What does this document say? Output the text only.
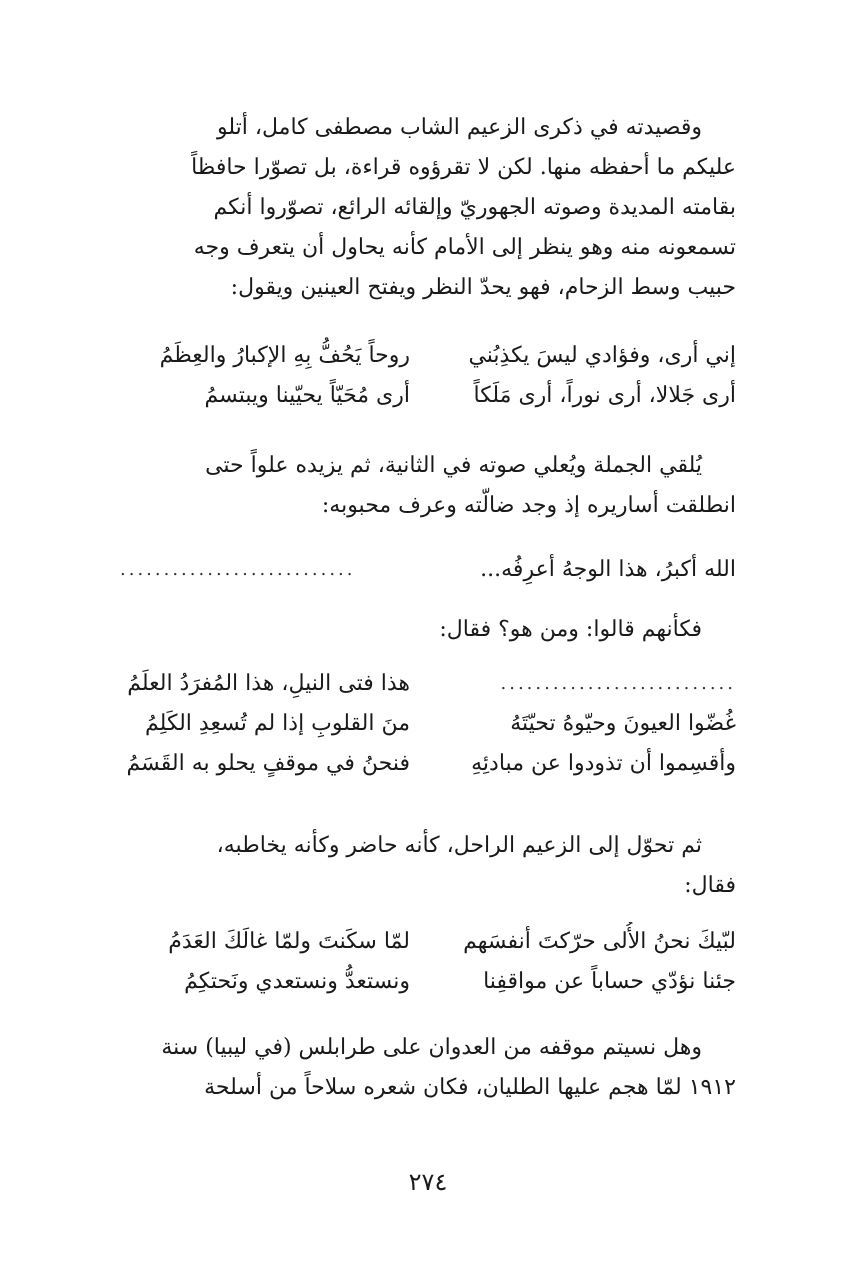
وقصيدته في ذكرى الزعيم الشاب مصطفى كامل، أتلو
عليكم ما أحفظه منها. لكن لا تقرؤوه قراءة، بل تصوّرا حافظاً
بقامته المديدة وصوته الجهوريّ وإلقائه الرائع، تصوّروا أنكم
تسمعونه منه وهو ينظر إلى الأمام كأنه يحاول أن يتعرف وجه
حبيب وسط الزحام، فهو يحدّ النظر ويفتح العينين ويقول:

إني أرى، وفؤادي ليسَ يكذِبُني
روحاً يَحُفُّ بِهِ الإكبارُ والعِظَمُ
أرى جَلالا، أرى نوراً، أرى مَلَكاً
أرى مُحَيّاً يحيّينا ويبتسمُ

يُلقي الجملة ويُعلي صوته في الثانية، ثم يزيده علواً حتى
انطلقت أساريره إذ وجد ضالّته وعرف محبوبه:

الله أكبرُ، هذا الوجهُ أعرِفُه...
...........................

فكأنهم قالوا: ومن هو؟ فقال:

...........................
هذا فتى النيلِ، هذا المُفرَدُ العلَمُ
غُضّوا العيونَ وحيّوهُ تحيّتَهُ
منَ القلوبِ إذا لم تُسعِدِ الكَلِمُ
وأقسِموا أن تذودوا عن مبادئِهِ
فنحنُ في موقفٍ يحلو به القَسَمُ

ثم تحوّل إلى الزعيم الراحل، كأنه حاضر وكأنه يخاطبه،
فقال:

لبّيكَ نحنُ الأُلى حرّكتَ أنفسَهم
لمّا سكَنتَ ولمّا غالَكَ العَدَمُ
جئنا نؤدّي حساباً عن مواقفِنا
ونستعدُّ ونستعدي ونَحتكِمُ

وهل نسيتم موقفه من العدوان على طرابلس (في ليبيا) سنة
١٩١٢ لمّا هجم عليها الطليان، فكان شعره سلاحاً من أسلحة

٢٧٤
